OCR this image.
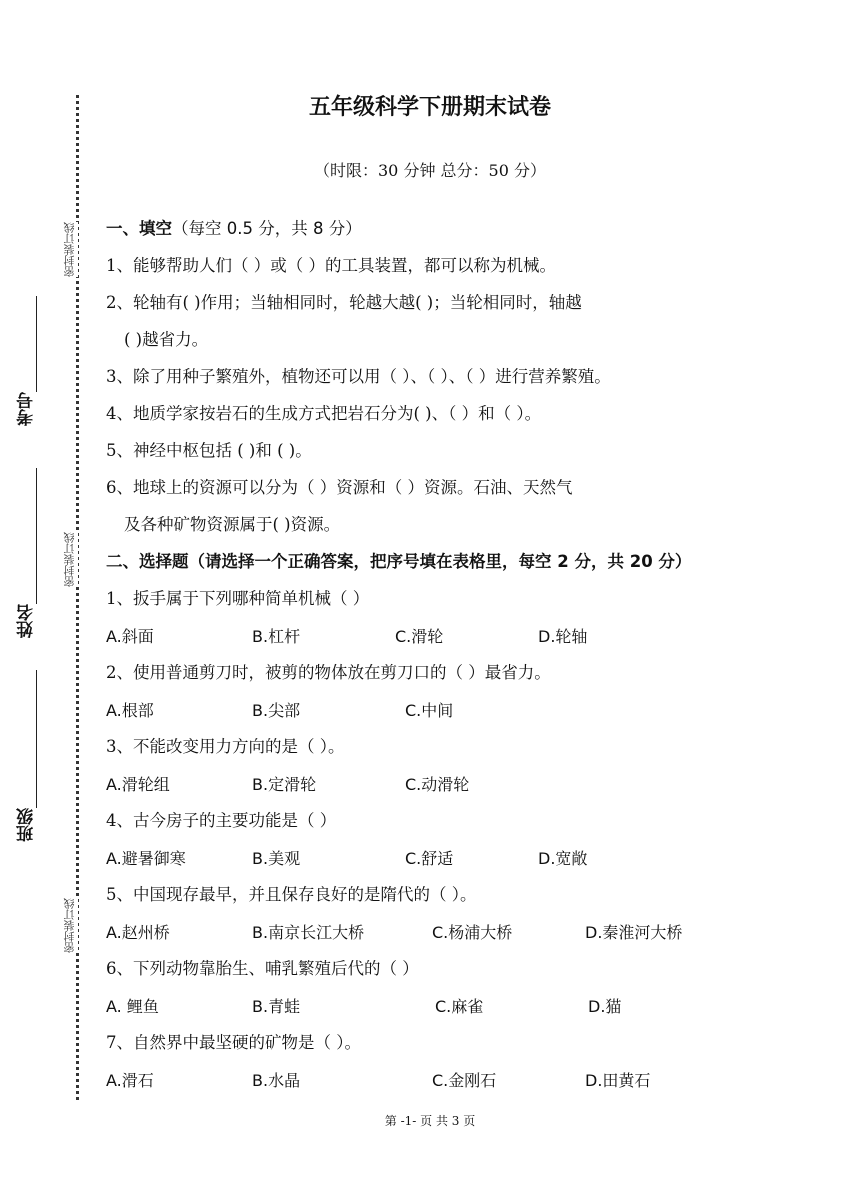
密封装订线
密封装订线
密封装订线
考号
姓名
班级
五年级科学下册期末试卷
（时限：30 分钟 总分：50 分）
一、填空（每空 0.5 分，共 8 分）
1、能够帮助人们（ ）或（ ）的工具装置，都可以称为机械。
2、轮轴有( )作用；当轴相同时，轮越大越( )；当轮相同时，轴越
( )越省力。
3、除了用种子繁殖外，植物还可以用（ ）、（ ）、（ ）进行营养繁殖。
4、地质学家按岩石的生成方式把岩石分为( )、（ ）和（ ）。
5、神经中枢包括 ( )和 ( )。
6、地球上的资源可以分为（ ）资源和（ ）资源。石油、天然气
及各种矿物资源属于( )资源。
二、选择题（请选择一个正确答案，把序号填在表格里，每空 2 分，共 20 分）
1、扳手属于下列哪种简单机械（ ）
A.斜面	B.杠杆	C.滑轮	D.轮轴
2、使用普通剪刀时，被剪的物体放在剪刀口的（ ）最省力。
A.根部	B.尖部	C.中间
3、不能改变用力方向的是（ ）。
A.滑轮组	B.定滑轮	C.动滑轮
4、古今房子的主要功能是（ ）
A.避暑御寒	B.美观	C.舒适	D.宽敞
5、中国现存最早，并且保存良好的是隋代的（ ）。
A.赵州桥	B.南京长江大桥	C.杨浦大桥	D.秦淮河大桥
6、下列动物靠胎生、哺乳繁殖后代的（ ）
A. 鲤鱼	B.青蛙	C.麻雀	D.猫
7、自然界中最坚硬的矿物是（ ）。
A.滑石	B.水晶	C.金刚石	D.田黄石
第 -1- 页 共 3 页
